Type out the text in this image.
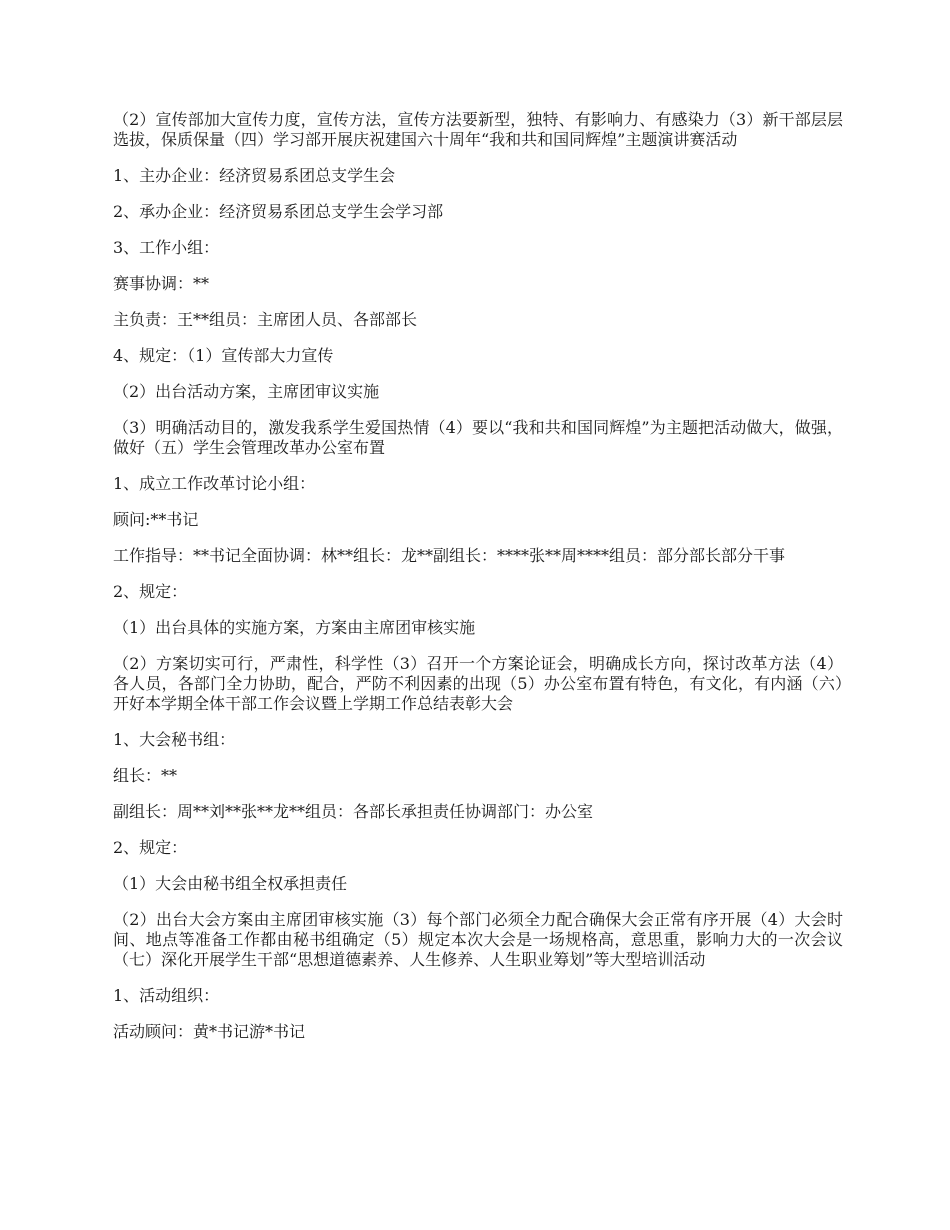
（2）宣传部加大宣传力度，宣传方法，宣传方法要新型，独特、有影响力、有感染力（3）新干部层层选拔，保质保量（四）学习部开展庆祝建国六十周年“我和共和国同辉煌”主题演讲赛活动

1、主办企业：经济贸易系团总支学生会

2、承办企业：经济贸易系团总支学生会学习部

3、工作小组：

赛事协调：**

主负责：王**组员：主席团人员、各部部长

4、规定：（1）宣传部大力宣传

（2）出台活动方案，主席团审议实施

（3）明确活动目的，激发我系学生爱国热情（4）要以“我和共和国同辉煌”为主题把活动做大，做强，做好（五）学生会管理改革办公室布置

1、成立工作改革讨论小组：

顾问:**书记

工作指导：**书记全面协调：林**组长：龙**副组长：****张**周****组员：部分部长部分干事

2、规定：

（1）出台具体的实施方案，方案由主席团审核实施

（2）方案切实可行，严肃性，科学性（3）召开一个方案论证会，明确成长方向，探讨改革方法（4）各人员，各部门全力协助，配合，严防不利因素的出现（5）办公室布置有特色，有文化，有内涵（六）开好本学期全体干部工作会议暨上学期工作总结表彰大会

1、大会秘书组：

组长：**

副组长：周**刘**张**龙**组员：各部长承担责任协调部门：办公室

2、规定：

（1）大会由秘书组全权承担责任

（2）出台大会方案由主席团审核实施（3）每个部门必须全力配合确保大会正常有序开展（4）大会时间、地点等准备工作都由秘书组确定（5）规定本次大会是一场规格高，意思重，影响力大的一次会议（七）深化开展学生干部“思想道德素养、人生修养、人生职业筹划”等大型培训活动

1、活动组织：

活动顾问：黄*书记游*书记
